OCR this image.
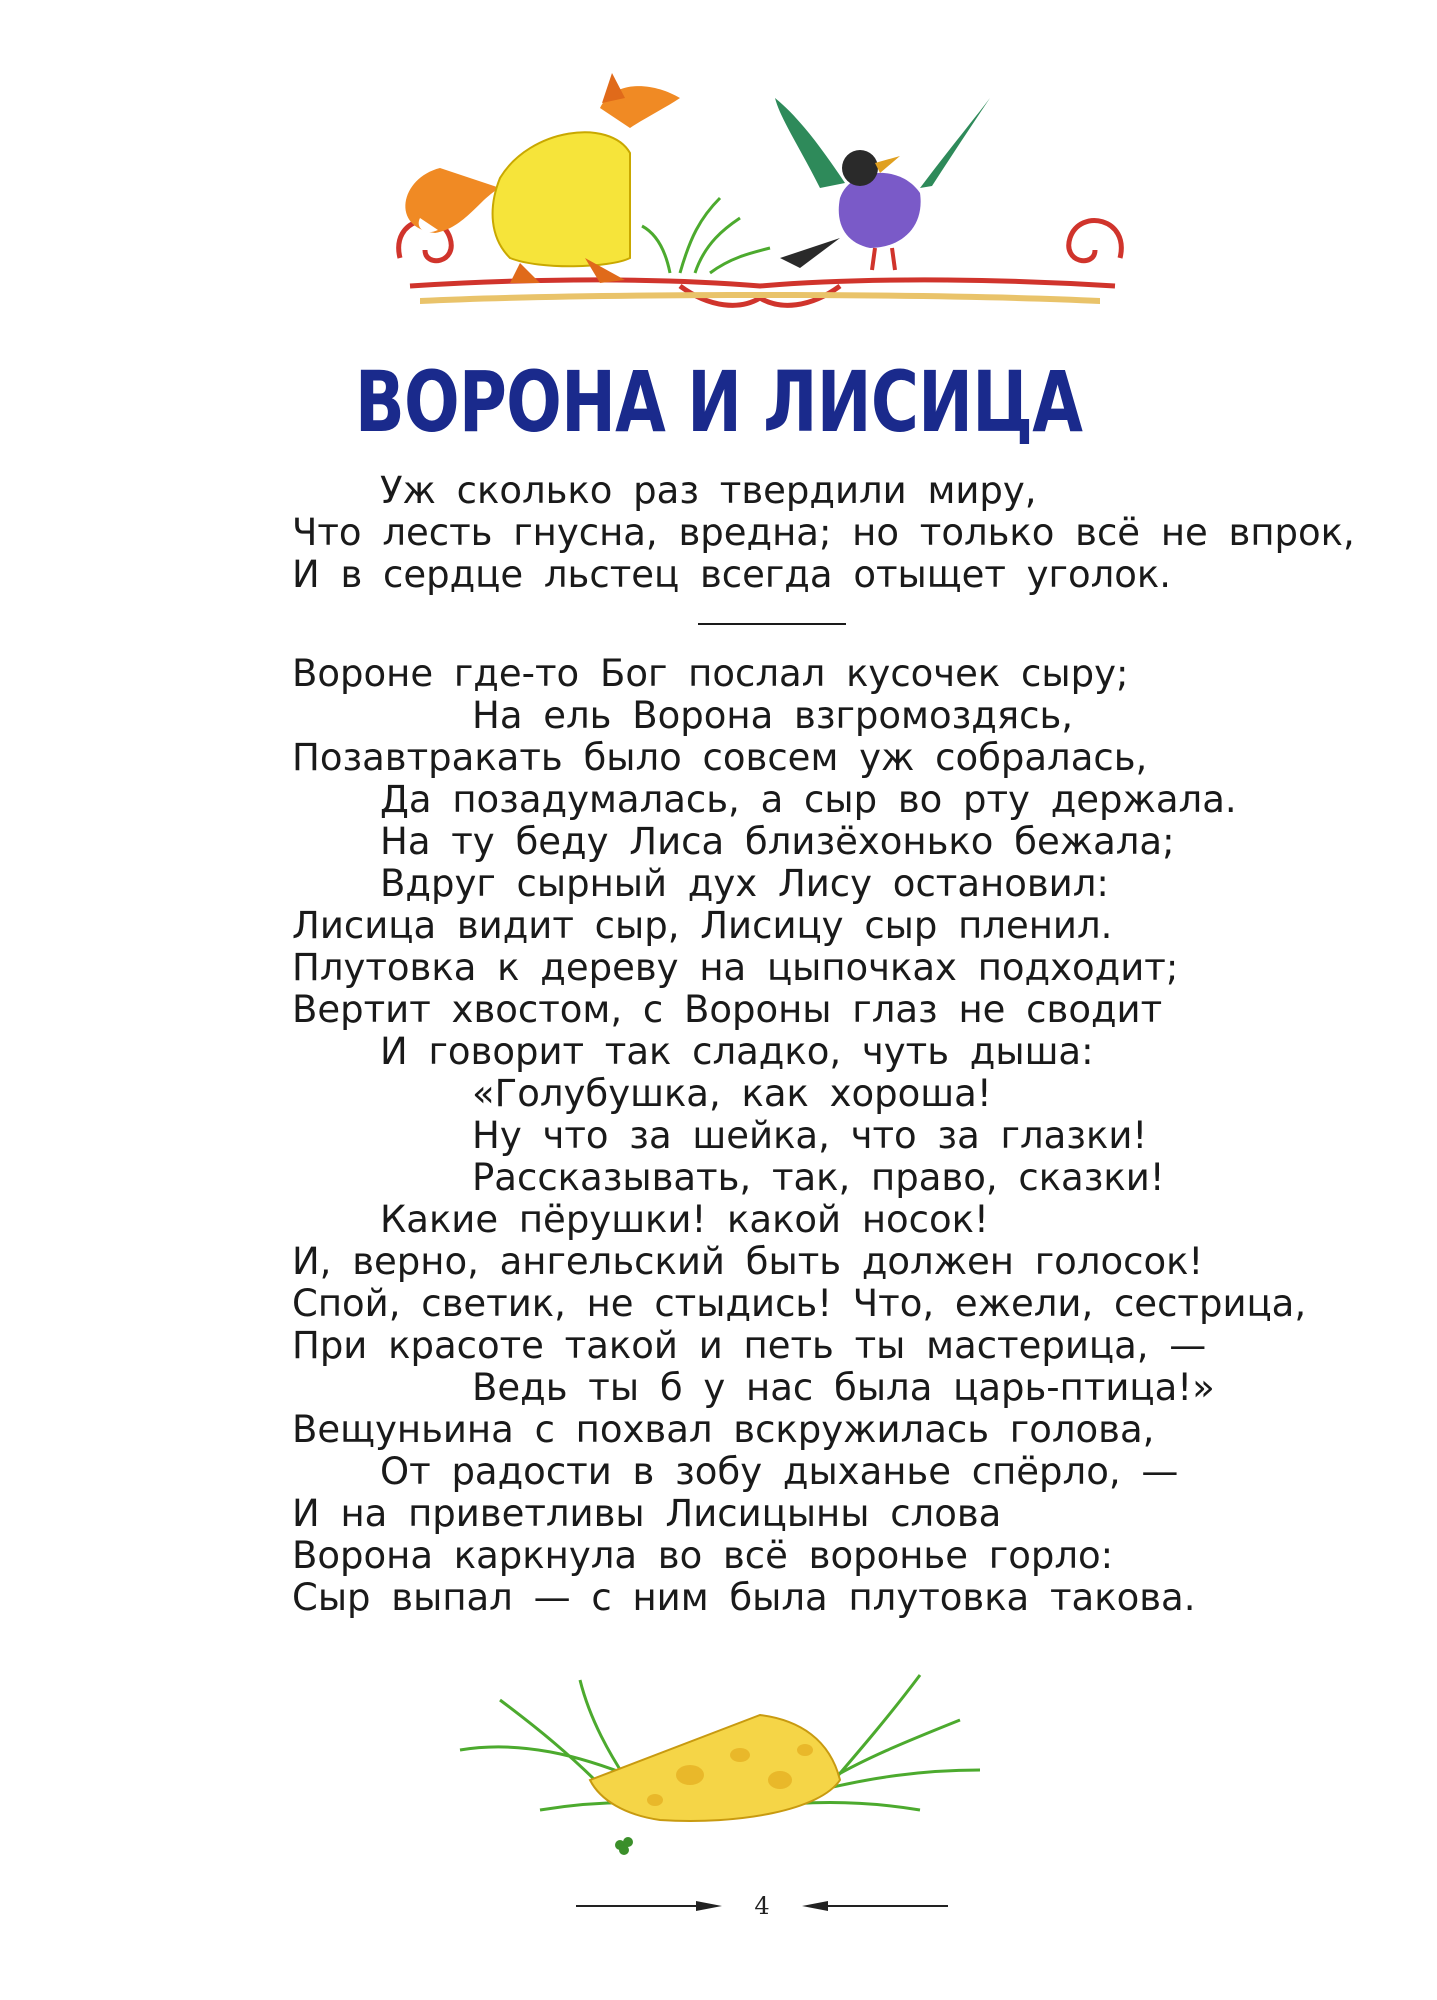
ВОРОНА И ЛИСИЦА
Уж сколько раз твердили миру,
Что лесть гнусна, вредна; но только всё не впрок,
И в сердце льстец всегда отыщет уголок.
Вороне где-то Бог послал кусочек сыру;
На ель Ворона взгромоздясь,
Позавтракать было совсем уж собралась,
Да позадумалась, а сыр во рту держала.
На ту беду Лиса близёхонько бежала;
Вдруг сырный дух Лису остановил:
Лисица видит сыр, Лисицу сыр пленил.
Плутовка к дереву на цыпочках подходит;
Вертит хвостом, с Вороны глаз не сводит
И говорит так сладко, чуть дыша:
«Голубушка, как хороша!
Ну что за шейка, что за глазки!
Рассказывать, так, право, сказки!
Какие пёрушки! какой носок!
И, верно, ангельский быть должен голосок!
Спой, светик, не стыдись! Что, ежели, сестрица,
При красоте такой и петь ты мастерица, —
Ведь ты б у нас была царь-птица!»
Вещуньина с похвал вскружилась голова,
От радости в зобу дыханье спёрло, —
И на приветливы Лисицыны слова
Ворона каркнула во всё воронье горло:
Сыр выпал — с ним была плутовка такова.
4
